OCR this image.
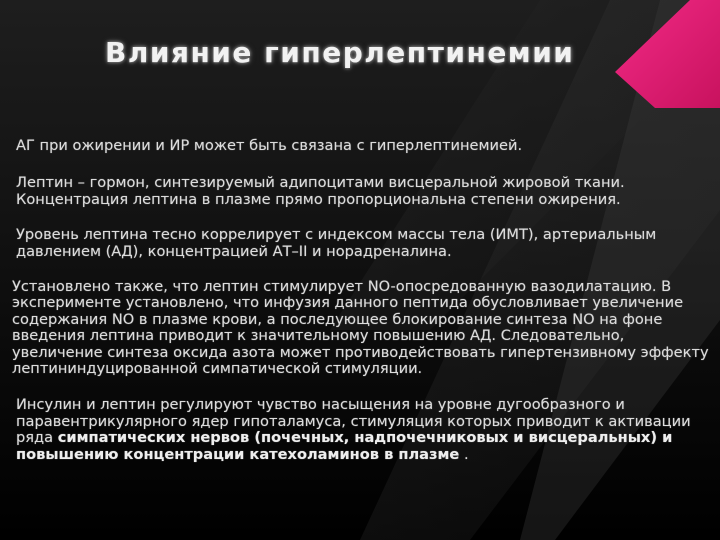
Влияние гиперлептинемии
АГ при ожирении и ИР может быть связана с гиперлептинемией.
Лептин – гормон, синтезируемый адипоцитами висцеральной жировой ткани. Концентрация лептина в плазме прямо пропорциональна степени ожирения.
Уровень лептина тесно коррелирует с индексом массы тела (ИМТ), артериальным давлением (АД), концентрацией АТ–II и норадреналина.
Установлено также, что лептин стимулирует NO-опосредованную вазодилатацию. В эксперименте установлено, что инфузия данного пептида обусловливает увеличение содержания NO в плазме крови, а последующее блокирование синтеза NO на фоне введения лептина приводит к значительному повышению АД. Следовательно, увеличение синтеза оксида азота может противодействовать гипертензивному эффекту лептининдуцированной симпатической стимуляции.
Инсулин и лептин регулируют чувство насыщения на уровне дугообразного и паравентрикулярного ядер гипоталамуса, стимуляция которых приводит к активации ряда симпатических нервов (почечных, надпочечниковых и висцеральных) и повышению концентрации катехоламинов в плазме .
